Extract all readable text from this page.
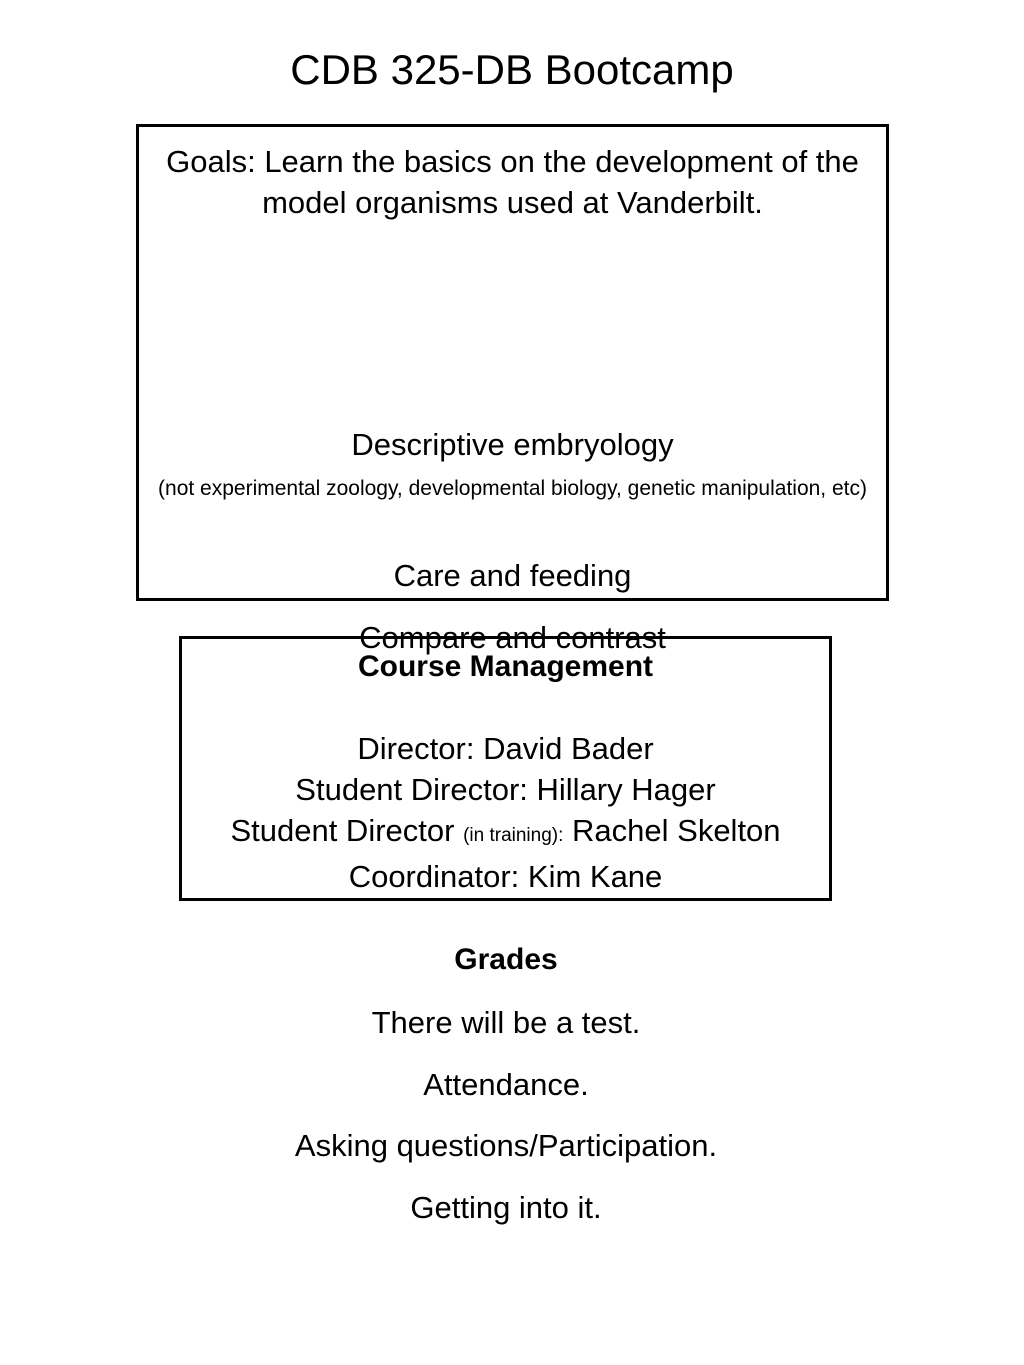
CDB 325-DB Bootcamp
Goals: Learn the basics on the development of the model organisms used at Vanderbilt.
Descriptive embryology
(not experimental zoology, developmental biology, genetic manipulation, etc)
Care and feeding
Compare and contrast
Course Management
Director: David Bader
Student Director: Hillary Hager
Student Director (in training): Rachel Skelton
Coordinator: Kim Kane
Grades
There will be a test.
Attendance.
Asking questions/Participation.
Getting into it.
